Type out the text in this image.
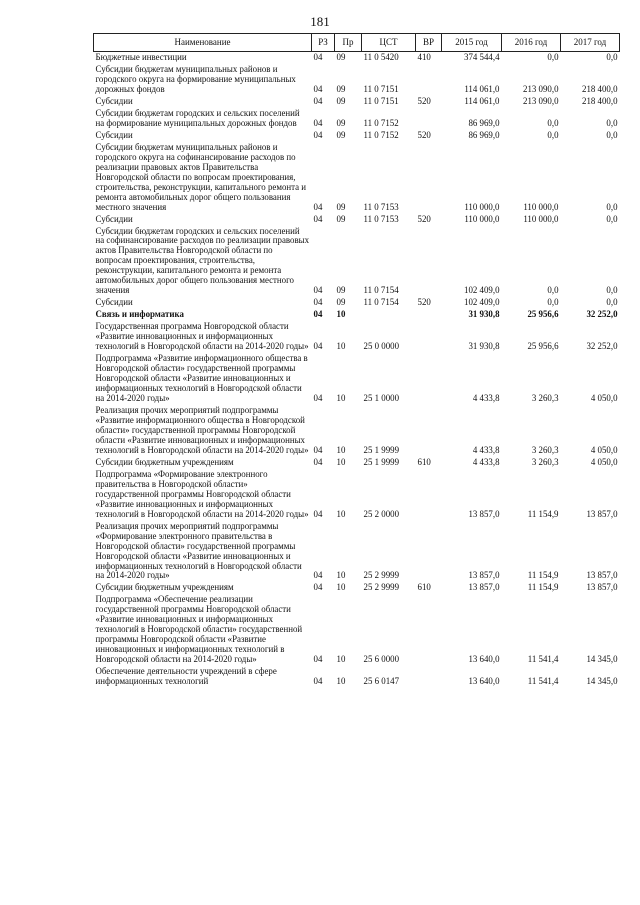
181
Наименование	РЗ	Пр	ЦСТ	ВР	2015 год	2016 год	2017 год
Бюджетные инвестиции	04	09	11 0 5420	410	374 544,4	0,0	0,0
Субсидии бюджетам муниципальных районов и городского округа на формирование муниципальных дорожных фондов	04	09	11 0 7151		114 061,0	213 090,0	218 400,0
Субсидии	04	09	11 0 7151	520	114 061,0	213 090,0	218 400,0
Субсидии бюджетам городских и сельских поселений на формирование муниципальных дорожных фондов	04	09	11 0 7152		86 969,0	0,0	0,0
Субсидии	04	09	11 0 7152	520	86 969,0	0,0	0,0
Субсидии бюджетам муниципальных районов и городского округа на софинансирование расходов по реализации правовых актов Правительства Новгородской области по вопросам проектирования, строительства, реконструкции, капитального ремонта и ремонта автомобильных дорог общего пользования местного значения	04	09	11 0 7153		110 000,0	110 000,0	0,0
Субсидии	04	09	11 0 7153	520	110 000,0	110 000,0	0,0
Субсидии бюджетам городских и сельских поселений на софинансирование расходов по реализации правовых актов Правительства Новгородской области по вопросам проектирования, строительства, реконструкции, капитального ремонта и ремонта автомобильных дорог общего пользования местного значения	04	09	11 0 7154		102 409,0	0,0	0,0
Субсидии	04	09	11 0 7154	520	102 409,0	0,0	0,0
Связь и информатика	04	10			31 930,8	25 956,6	32 252,0
Государственная программа Новгородской области «Развитие инновационных и информационных технологий в Новгородской области на 2014-2020 годы»	04	10	25 0 0000		31 930,8	25 956,6	32 252,0
Подпрограмма «Развитие информационного общества в Новгородской области» государственной программы Новгородской области «Развитие инновационных и информационных технологий в Новгородской области на 2014-2020 годы»	04	10	25 1 0000		4 433,8	3 260,3	4 050,0
Реализация прочих мероприятий подпрограммы «Развитие информационного общества в Новгородской области» государственной программы Новгородской области «Развитие инновационных и информационных технологий в Новгородской области на 2014-2020 годы»	04	10	25 1 9999		4 433,8	3 260,3	4 050,0
Субсидии бюджетным учреждениям	04	10	25 1 9999	610	4 433,8	3 260,3	4 050,0
Подпрограмма «Формирование электронного правительства в Новгородской области» государственной программы Новгородской области «Развитие инновационных и информационных технологий в Новгородской области на 2014-2020 годы»	04	10	25 2 0000		13 857,0	11 154,9	13 857,0
Реализация прочих мероприятий подпрограммы «Формирование электронного правительства в Новгородской области» государственной программы Новгородской области «Развитие инновационных и информационных технологий в Новгородской области на 2014-2020 годы»	04	10	25 2 9999		13 857,0	11 154,9	13 857,0
Субсидии бюджетным учреждениям	04	10	25 2 9999	610	13 857,0	11 154,9	13 857,0
Подпрограмма «Обеспечение реализации государственной программы Новгородской области «Развитие инновационных и информационных технологий в Новгородской области» государственной программы Новгородской области «Развитие инновационных и информационных технологий в Новгородской области на 2014-2020 годы»	04	10	25 6 0000		13 640,0	11 541,4	14 345,0
Обеспечение деятельности учреждений в сфере информационных технологий	04	10	25 6 0147		13 640,0	11 541,4	14 345,0
